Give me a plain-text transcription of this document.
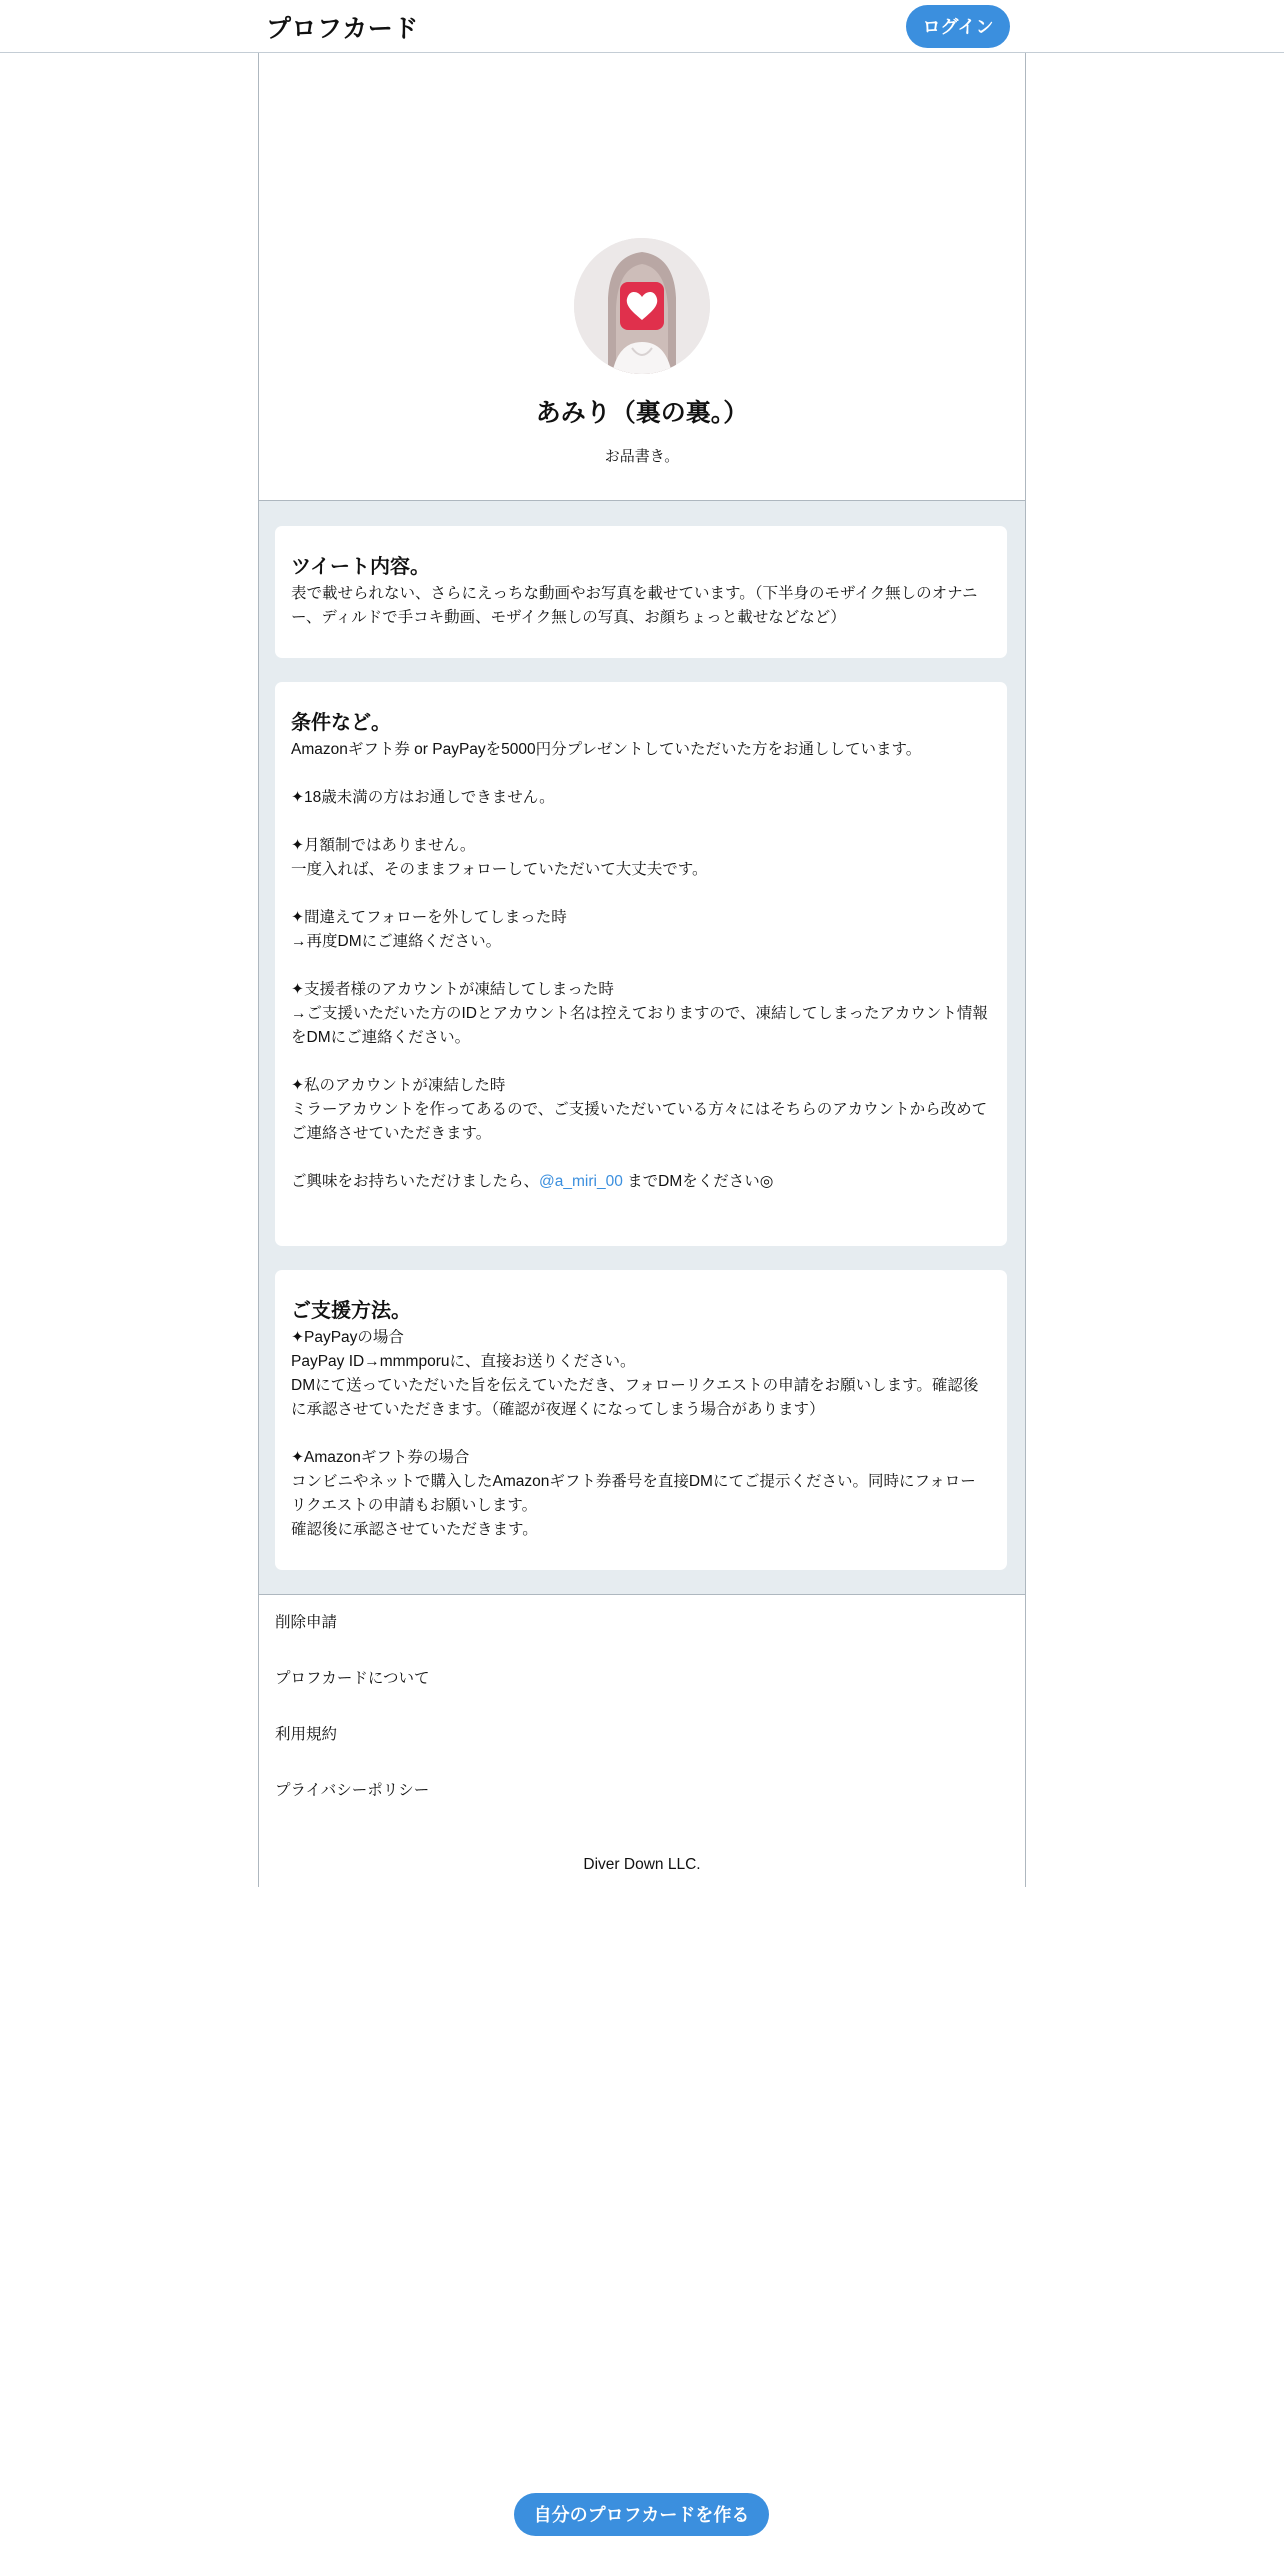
プロフカード	ログイン
あみり（裏の裏。）
お品書き。
ツイート内容。
表で載せられない、さらにえっちな動画やお写真を載せています。（下半身のモザイク無しのオナニー、ディルドで手コキ動画、モザイク無しの写真、お顔ちょっと載せなどなど）
条件など。
Amazonギフト券 or PayPayを5000円分プレゼントしていただいた方をお通ししています。

✦18歳未満の方はお通しできません。

✦月額制ではありません。
一度入れば、そのままフォローしていただいて大丈夫です。

✦間違えてフォローを外してしまった時
→再度DMにご連絡ください。

✦支援者様のアカウントが凍結してしまった時
→ご支援いただいた方のIDとアカウント名は控えておりますので、凍結してしまったアカウント情報をDMにご連絡ください。

✦私のアカウントが凍結した時
ミラーアカウントを作ってあるので、ご支援いただいている方々にはそちらのアカウントから改めてご連絡させていただきます。

ご興味をお持ちいただけましたら、@a_miri_00 までDMをください◎
ご支援方法。
✦PayPayの場合
PayPay ID→mmmporuに、直接お送りください。
DMにて送っていただいた旨を伝えていただき、フォローリクエストの申請をお願いします。確認後に承認させていただきます。（確認が夜遅くになってしまう場合があります）

✦Amazonギフト券の場合
コンビニやネットで購入したAmazonギフト券番号を直接DMにてご提示ください。同時にフォローリクエストの申請もお願いします。
確認後に承認させていただきます。
削除申請
プロフカードについて
利用規約
プライバシーポリシー
Diver Down LLC.
自分のプロフカードを作る
